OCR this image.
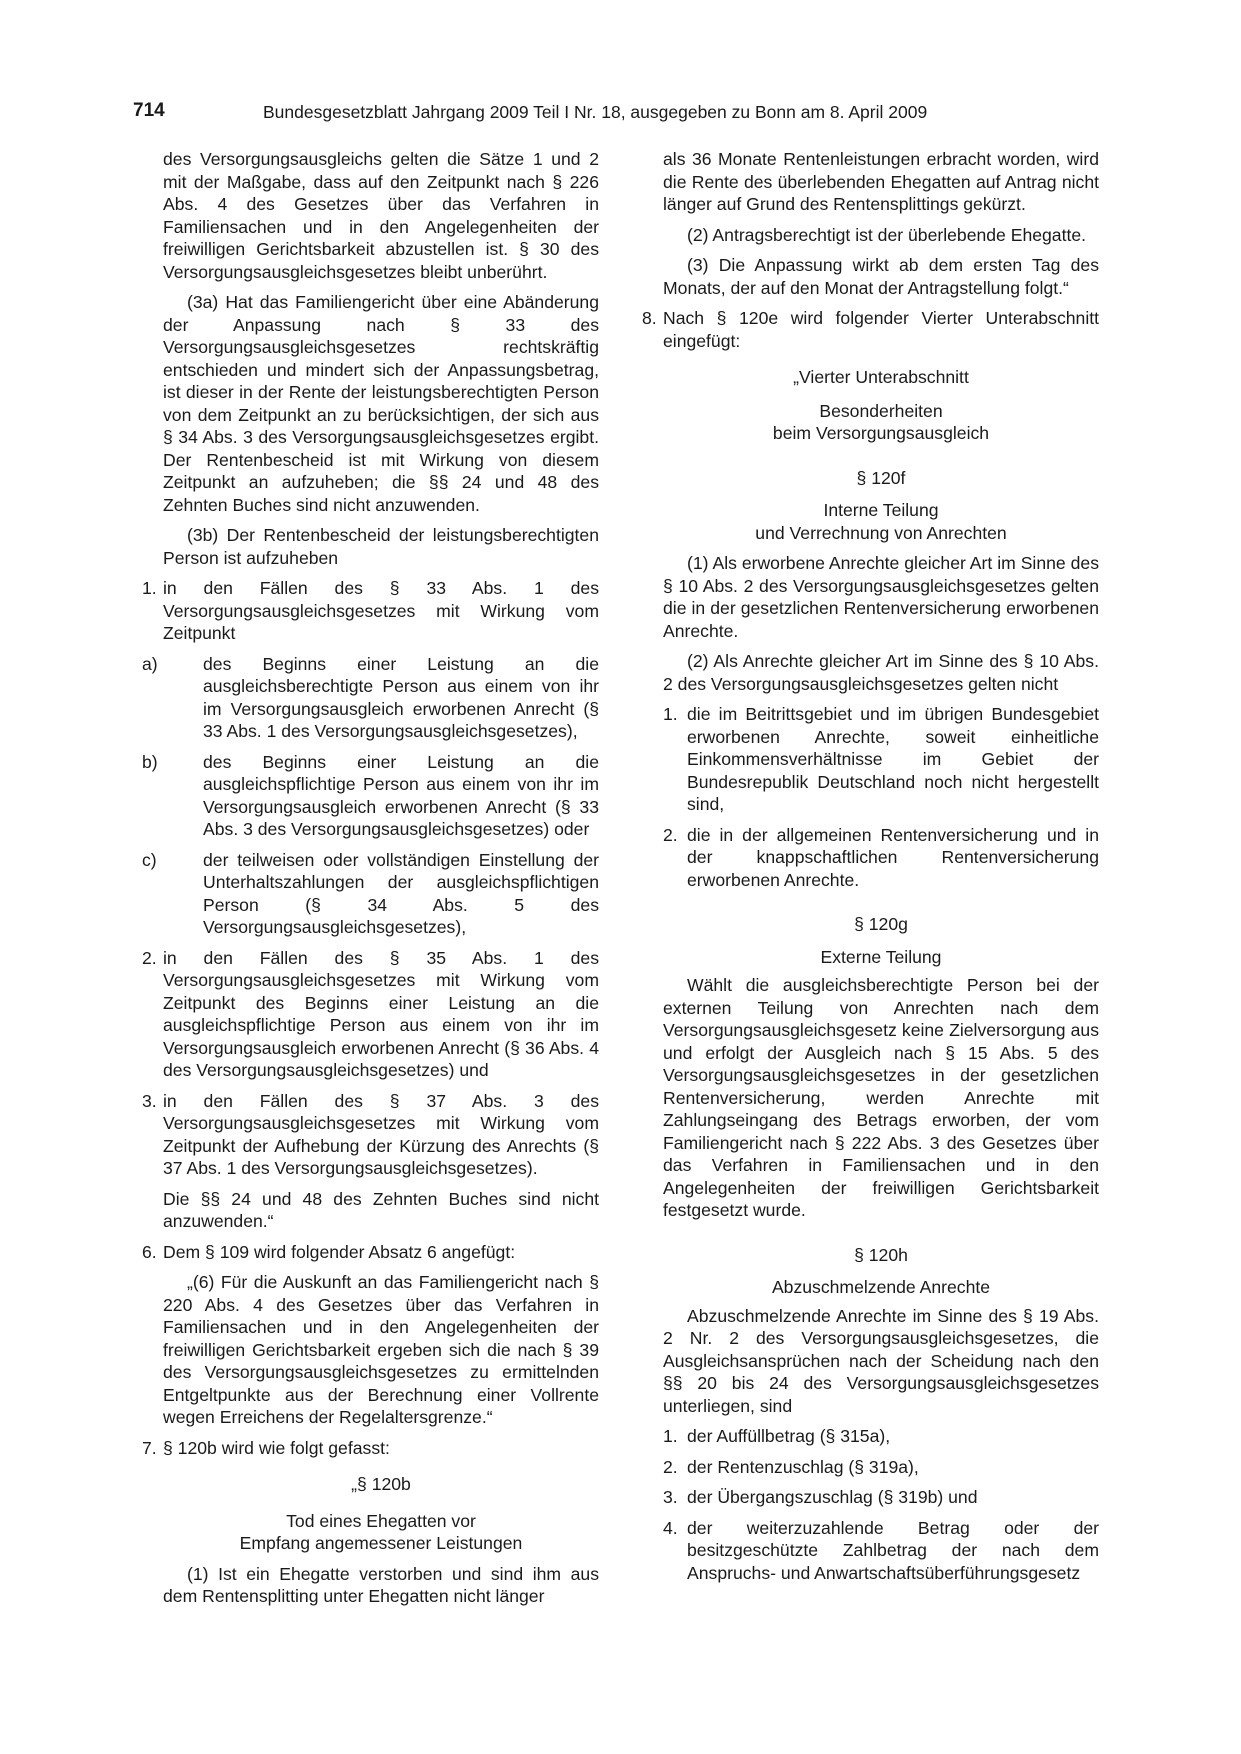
714	Bundesgesetzblatt Jahrgang 2009 Teil I Nr. 18, ausgegeben zu Bonn am 8. April 2009

des Versorgungsausgleichs gelten die Sätze 1 und 2 mit der Maßgabe, dass auf den Zeitpunkt nach § 226 Abs. 4 des Gesetzes über das Verfahren in Familiensachen und in den Angelegenheiten der freiwilligen Gerichtsbarkeit abzustellen ist. § 30 des Versorgungsausgleichsgesetzes bleibt unberührt.

(3a) Hat das Familiengericht über eine Abänderung der Anpassung nach § 33 des Versorgungsausgleichsgesetzes rechtskräftig entschieden und mindert sich der Anpassungsbetrag, ist dieser in der Rente der leistungsberechtigten Person von dem Zeitpunkt an zu berücksichtigen, der sich aus § 34 Abs. 3 des Versorgungsausgleichsgesetzes ergibt. Der Rentenbescheid ist mit Wirkung von diesem Zeitpunkt an aufzuheben; die §§ 24 und 48 des Zehnten Buches sind nicht anzuwenden.

(3b) Der Rentenbescheid der leistungsberechtigten Person ist aufzuheben

1. in den Fällen des § 33 Abs. 1 des Versorgungsausgleichsgesetzes mit Wirkung vom Zeitpunkt

a)	des Beginns einer Leistung an die ausgleichsberechtigte Person aus einem von ihr im Versorgungsausgleich erworbenen Anrecht (§ 33 Abs. 1 des Versorgungsausgleichsgesetzes),

b)	des Beginns einer Leistung an die ausgleichspflichtige Person aus einem von ihr im Versorgungsausgleich erworbenen Anrecht (§ 33 Abs. 3 des Versorgungsausgleichsgesetzes) oder

c)	der teilweisen oder vollständigen Einstellung der Unterhaltszahlungen der ausgleichspflichtigen Person (§ 34 Abs. 5 des Versorgungsausgleichsgesetzes),

2. in den Fällen des § 35 Abs. 1 des Versorgungsausgleichsgesetzes mit Wirkung vom Zeitpunkt des Beginns einer Leistung an die ausgleichspflichtige Person aus einem von ihr im Versorgungsausgleich erworbenen Anrecht (§ 36 Abs. 4 des Versorgungsausgleichsgesetzes) und

3. in den Fällen des § 37 Abs. 3 des Versorgungsausgleichsgesetzes mit Wirkung vom Zeitpunkt der Aufhebung der Kürzung des Anrechts (§ 37 Abs. 1 des Versorgungsausgleichsgesetzes).

Die §§ 24 und 48 des Zehnten Buches sind nicht anzuwenden.“

6. Dem § 109 wird folgender Absatz 6 angefügt:

„(6) Für die Auskunft an das Familiengericht nach § 220 Abs. 4 des Gesetzes über das Verfahren in Familiensachen und in den Angelegenheiten der freiwilligen Gerichtsbarkeit ergeben sich die nach § 39 des Versorgungsausgleichsgesetzes zu ermittelnden Entgeltpunkte aus der Berechnung einer Vollrente wegen Erreichens der Regelaltersgrenze.“

7. § 120b wird wie folgt gefasst:

„§ 120b

Tod eines Ehegatten vor

Empfang angemessener Leistungen

(1) Ist ein Ehegatte verstorben und sind ihm aus dem Rentensplitting unter Ehegatten nicht länger

als 36 Monate Rentenleistungen erbracht worden, wird die Rente des überlebenden Ehegatten auf Antrag nicht länger auf Grund des Rentensplittings gekürzt.

(2) Antragsberechtigt ist der überlebende Ehegatte.

(3) Die Anpassung wirkt ab dem ersten Tag des Monats, der auf den Monat der Antragstellung folgt.“

8. Nach § 120e wird folgender Vierter Unterabschnitt eingefügt:

„Vierter Unterabschnitt

Besonderheiten

beim Versorgungsausgleich

§ 120f

Interne Teilung

und Verrechnung von Anrechten

(1) Als erworbene Anrechte gleicher Art im Sinne des § 10 Abs. 2 des Versorgungsausgleichsgesetzes gelten die in der gesetzlichen Rentenversicherung erworbenen Anrechte.

(2) Als Anrechte gleicher Art im Sinne des § 10 Abs. 2 des Versorgungsausgleichsgesetzes gelten nicht

1. die im Beitrittsgebiet und im übrigen Bundesgebiet erworbenen Anrechte, soweit einheitliche Einkommensverhältnisse im Gebiet der Bundesrepublik Deutschland noch nicht hergestellt sind,

2. die in der allgemeinen Rentenversicherung und in der knappschaftlichen Rentenversicherung erworbenen Anrechte.

§ 120g

Externe Teilung

Wählt die ausgleichsberechtigte Person bei der externen Teilung von Anrechten nach dem Versorgungsausgleichsgesetz keine Zielversorgung aus und erfolgt der Ausgleich nach § 15 Abs. 5 des Versorgungsausgleichsgesetzes in der gesetzlichen Rentenversicherung, werden Anrechte mit Zahlungseingang des Betrags erworben, der vom Familiengericht nach § 222 Abs. 3 des Gesetzes über das Verfahren in Familiensachen und in den Angelegenheiten der freiwilligen Gerichtsbarkeit festgesetzt wurde.

§ 120h

Abzuschmelzende Anrechte

Abzuschmelzende Anrechte im Sinne des § 19 Abs. 2 Nr. 2 des Versorgungsausgleichsgesetzes, die Ausgleichsansprüchen nach der Scheidung nach den §§ 20 bis 24 des Versorgungsausgleichsgesetzes unterliegen, sind

1. der Auffüllbetrag (§ 315a),

2. der Rentenzuschlag (§ 319a),

3. der Übergangszuschlag (§ 319b) und

4. der weiterzuzahlende Betrag oder der besitzgeschützte Zahlbetrag der nach dem Anspruchs- und Anwartschaftsüberführungsgesetz
